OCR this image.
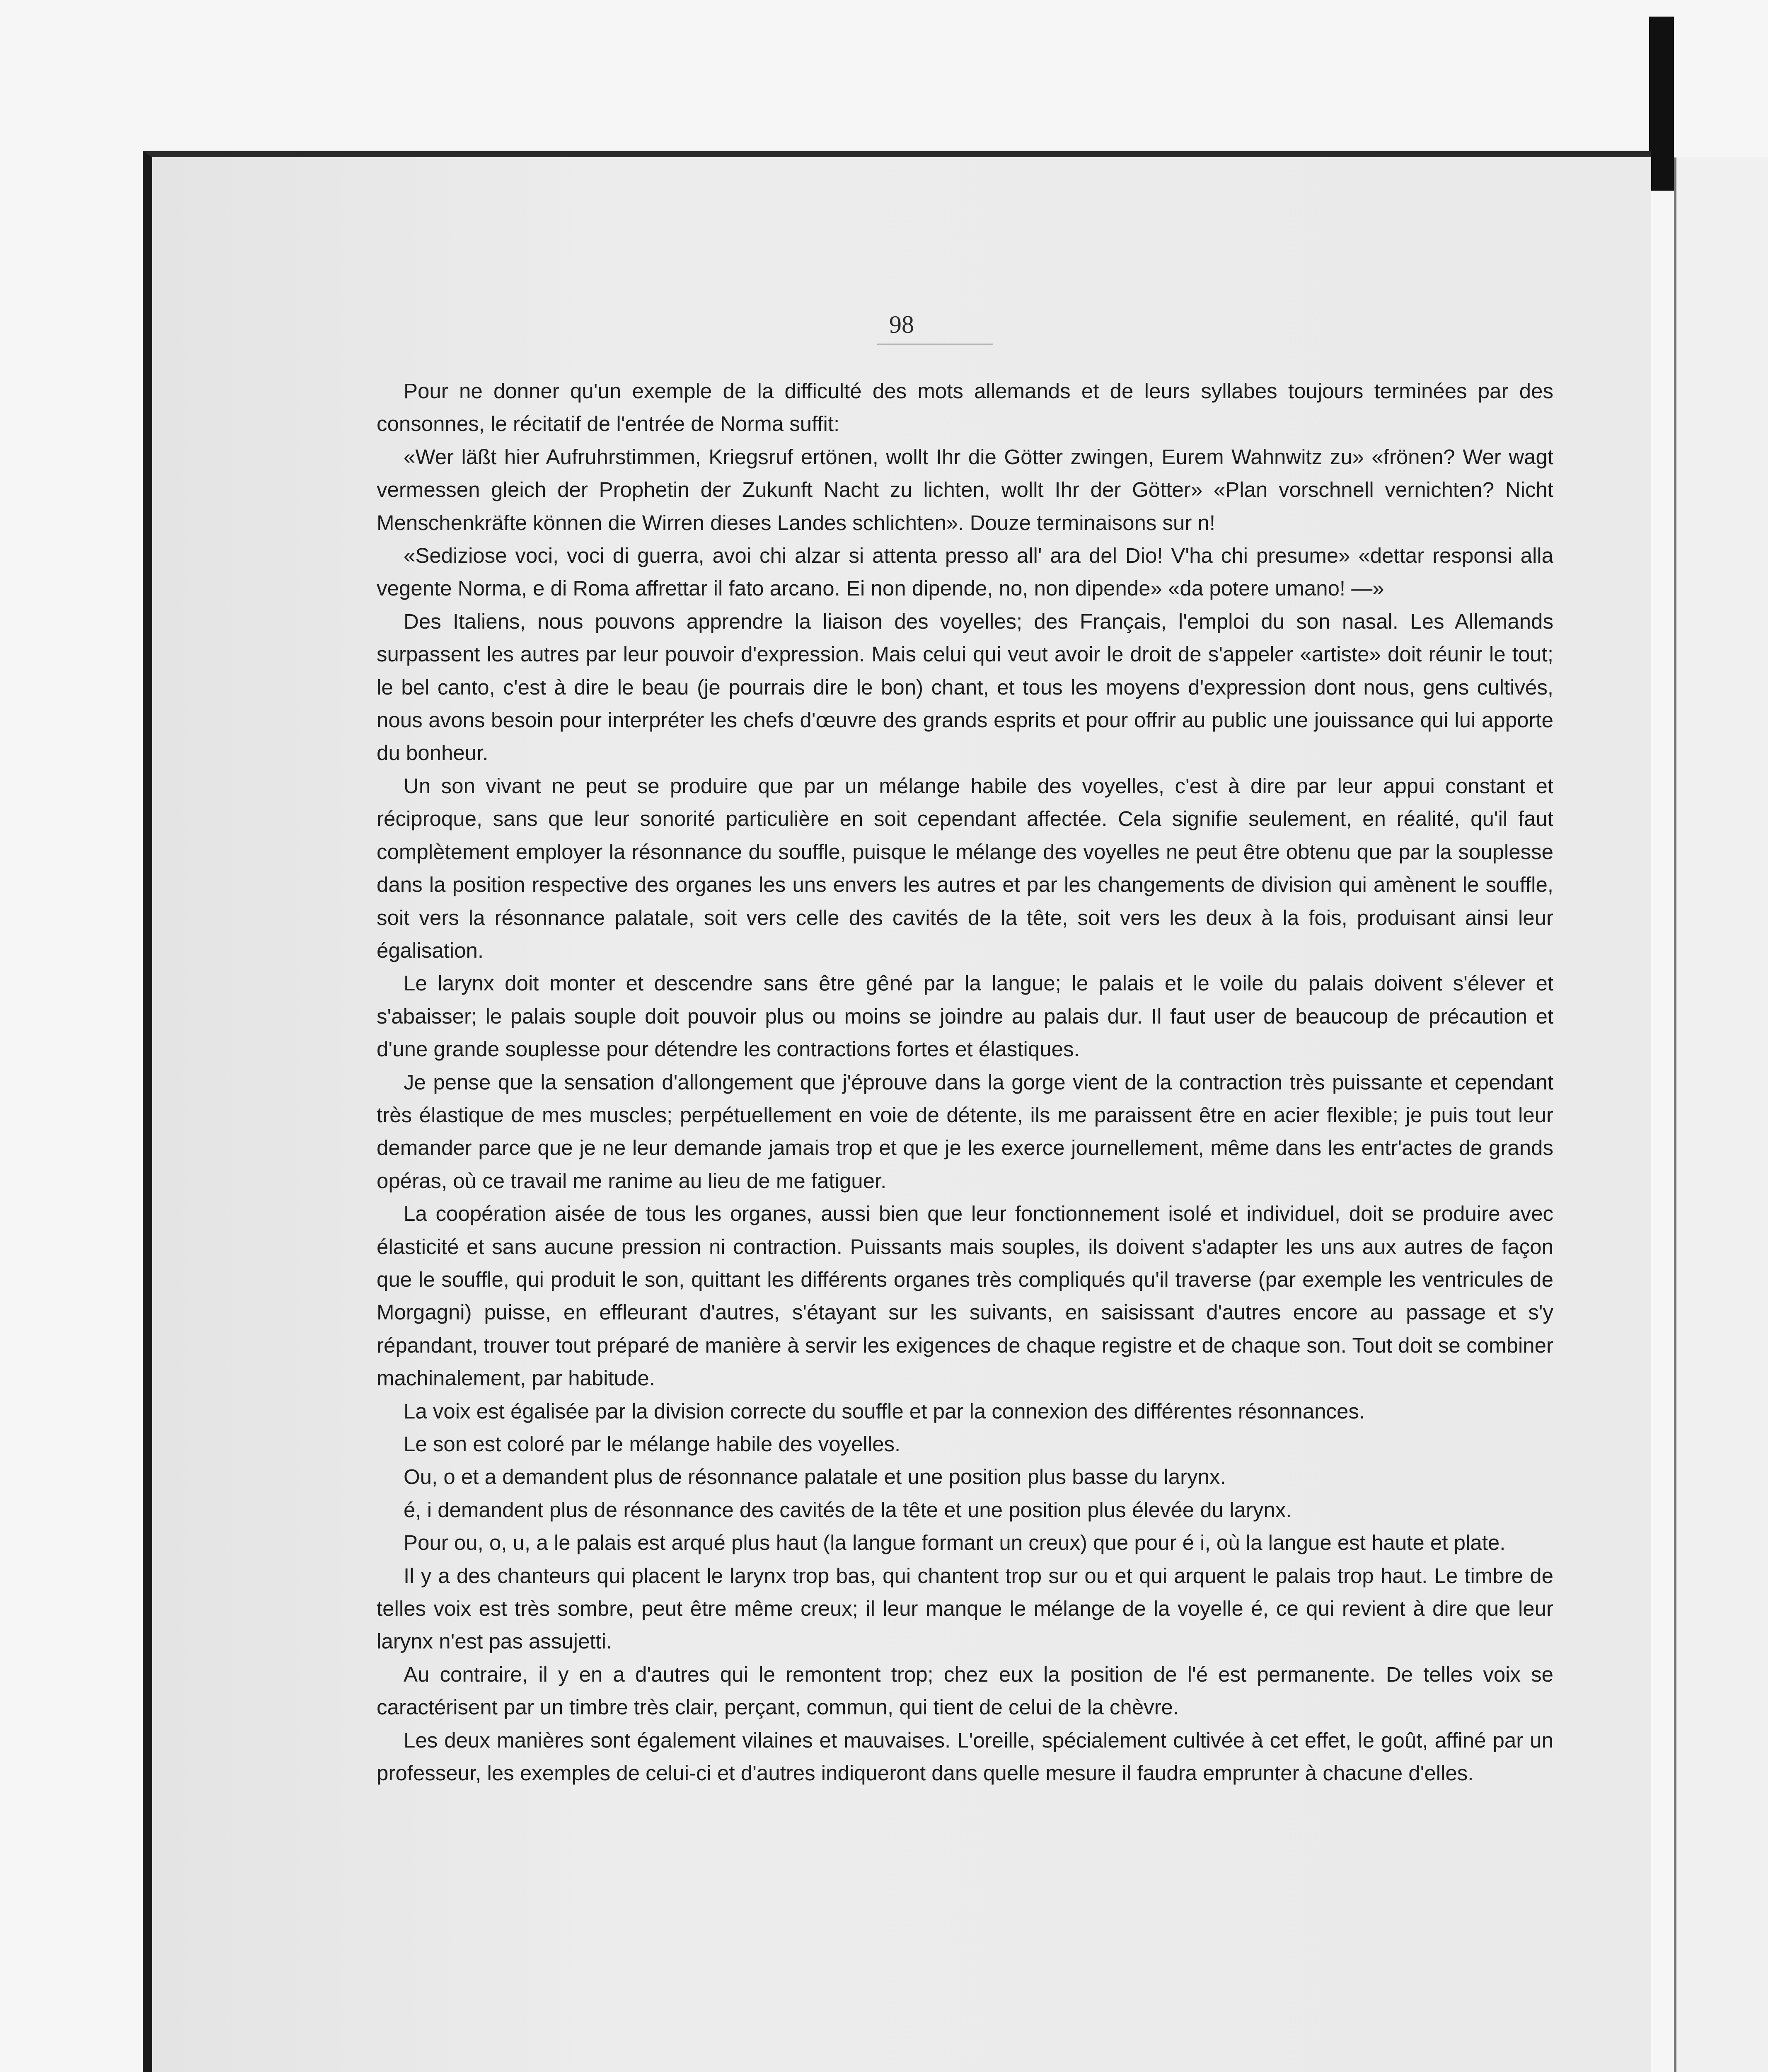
98

Pour ne donner qu'un exemple de la difficulté des mots allemands et de leurs syllabes toujours terminées par des consonnes, le récitatif de l'entrée de Norma suffit:

«Wer läßt hier Aufruhrstimmen, Kriegsruf ertönen, wollt Ihr die Götter zwingen, Eurem Wahnwitz zu» «frönen? Wer wagt vermessen gleich der Prophetin der Zukunft Nacht zu lichten, wollt Ihr der Götter» «Plan vorschnell vernichten? Nicht Menschenkräfte können die Wirren dieses Landes schlichten». Douze terminaisons sur n!

«Sediziose voci, voci di guerra, avoi chi alzar si attenta presso all' ara del Dio! V'ha chi presume» «dettar responsi alla vegente Norma, e di Roma affrettar il fato arcano. Ei non dipende, no, non dipende» «da potere umano! —»

Des Italiens, nous pouvons apprendre la liaison des voyelles; des Français, l'emploi du son nasal. Les Allemands surpassent les autres par leur pouvoir d'expression. Mais celui qui veut avoir le droit de s'appeler «artiste» doit réunir le tout; le bel canto, c'est à dire le beau (je pourrais dire le bon) chant, et tous les moyens d'expression dont nous, gens cultivés, nous avons besoin pour interpréter les chefs d'œuvre des grands esprits et pour offrir au public une jouissance qui lui apporte du bonheur.

Un son vivant ne peut se produire que par un mélange habile des voyelles, c'est à dire par leur appui constant et réciproque, sans que leur sonorité particulière en soit cependant affectée. Cela signifie seulement, en réalité, qu'il faut complètement employer la résonnance du souffle, puisque le mélange des voyelles ne peut être obtenu que par la souplesse dans la position respective des organes les uns envers les autres et par les changements de division qui amènent le souffle, soit vers la résonnance palatale, soit vers celle des cavités de la tête, soit vers les deux à la fois, produisant ainsi leur égalisation.

Le larynx doit monter et descendre sans être gêné par la langue; le palais et le voile du palais doivent s'élever et s'abaisser; le palais souple doit pouvoir plus ou moins se joindre au palais dur. Il faut user de beaucoup de précaution et d'une grande souplesse pour détendre les contractions fortes et élastiques.

Je pense que la sensation d'allongement que j'éprouve dans la gorge vient de la contraction très puissante et cependant très élastique de mes muscles; perpétuellement en voie de détente, ils me paraissent être en acier flexible; je puis tout leur demander parce que je ne leur demande jamais trop et que je les exerce journellement, même dans les entr'actes de grands opéras, où ce travail me ranime au lieu de me fatiguer.

La coopération aisée de tous les organes, aussi bien que leur fonctionnement isolé et individuel, doit se produire avec élasticité et sans aucune pression ni contraction. Puissants mais souples, ils doivent s'adapter les uns aux autres de façon que le souffle, qui produit le son, quittant les différents organes très compliqués qu'il traverse (par exemple les ventricules de Morgagni) puisse, en effleurant d'autres, s'étayant sur les suivants, en saisissant d'autres encore au passage et s'y répandant, trouver tout préparé de manière à servir les exigences de chaque registre et de chaque son. Tout doit se combiner machinalement, par habitude.

La voix est égalisée par la division correcte du souffle et par la connexion des différentes résonnances.

Le son est coloré par le mélange habile des voyelles.

Ou, o et a demandent plus de résonnance palatale et une position plus basse du larynx.

é, i demandent plus de résonnance des cavités de la tête et une position plus élevée du larynx.

Pour ou, o, u, a le palais est arqué plus haut (la langue formant un creux) que pour é i, où la langue est haute et plate.

Il y a des chanteurs qui placent le larynx trop bas, qui chantent trop sur ou et qui arquent le palais trop haut. Le timbre de telles voix est très sombre, peut être même creux; il leur manque le mélange de la voyelle é, ce qui revient à dire que leur larynx n'est pas assujetti.

Au contraire, il y en a d'autres qui le remontent trop; chez eux la position de l'é est permanente. De telles voix se caractérisent par un timbre très clair, perçant, commun, qui tient de celui de la chèvre.

Les deux manières sont également vilaines et mauvaises. L'oreille, spécialement cultivée à cet effet, le goût, affiné par un professeur, les exemples de celui-ci et d'autres indiqueront dans quelle mesure il faudra emprunter à chacune d'elles.
